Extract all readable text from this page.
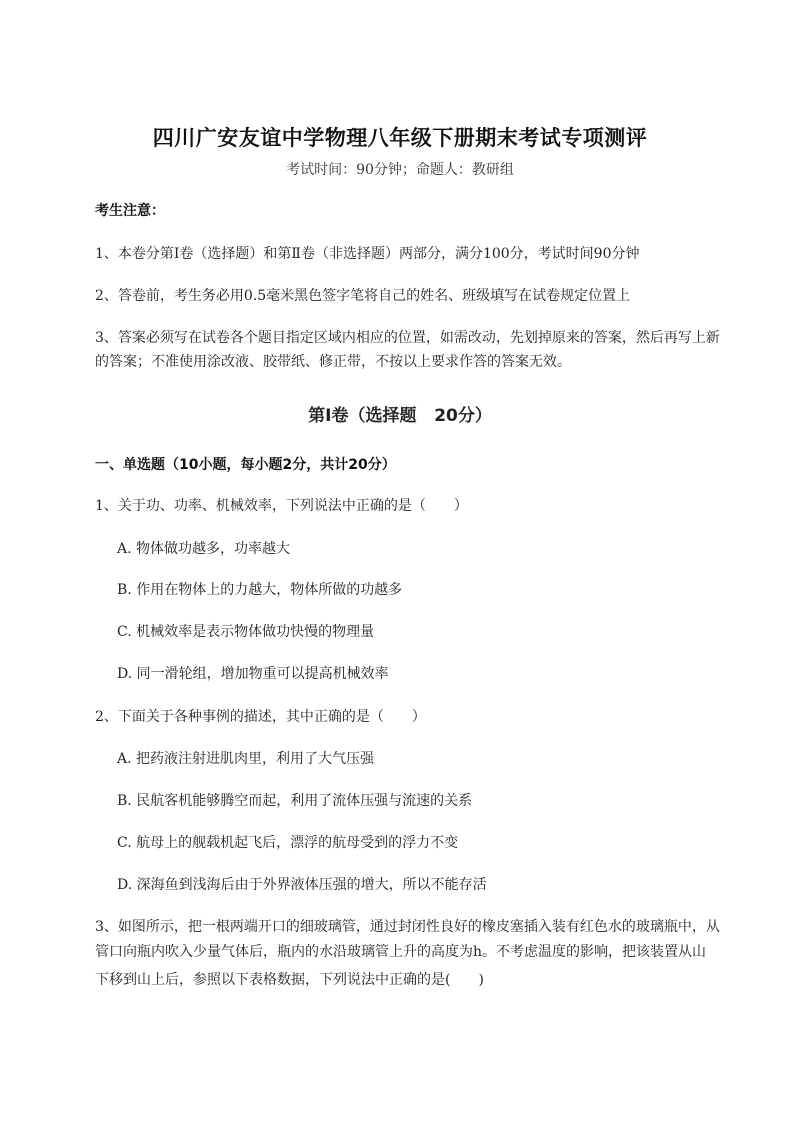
四川广安友谊中学物理八年级下册期末考试专项测评
考试时间：90分钟；命题人：教研组
考生注意：
1、本卷分第Ⅰ卷（选择题）和第Ⅱ卷（非选择题）两部分，满分100分，考试时间90分钟
2、答卷前，考生务必用0.5毫米黑色签字笔将自己的姓名、班级填写在试卷规定位置上
3、答案必须写在试卷各个题目指定区域内相应的位置，如需改动，先划掉原来的答案，然后再写上新
的答案；不准使用涂改液、胶带纸、修正带，不按以上要求作答的答案无效。
第Ⅰ卷（选择题   20分）
一、单选题（10小题，每小题2分，共计20分）
1、关于功、功率、机械效率，下列说法中正确的是（　　）
A. 物体做功越多，功率越大
B. 作用在物体上的力越大，物体所做的功越多
C. 机械效率是表示物体做功快慢的物理量
D. 同一滑轮组，增加物重可以提高机械效率
2、下面关于各种事例的描述，其中正确的是（　　）
A. 把药液注射进肌肉里，利用了大气压强
B. 民航客机能够腾空而起，利用了流体压强与流速的关系
C. 航母上的舰载机起飞后，漂浮的航母受到的浮力不变
D. 深海鱼到浅海后由于外界液体压强的增大，所以不能存活
3、如图所示，把一根两端开口的细玻璃管，通过封闭性良好的橡皮塞插入装有红色水的玻璃瓶中，从
管口向瓶内吹入少量气体后，瓶内的水沿玻璃管上升的高度为h。不考虑温度的影响，把该装置从山
下移到山上后，参照以下表格数据，下列说法中正确的是(　　)
